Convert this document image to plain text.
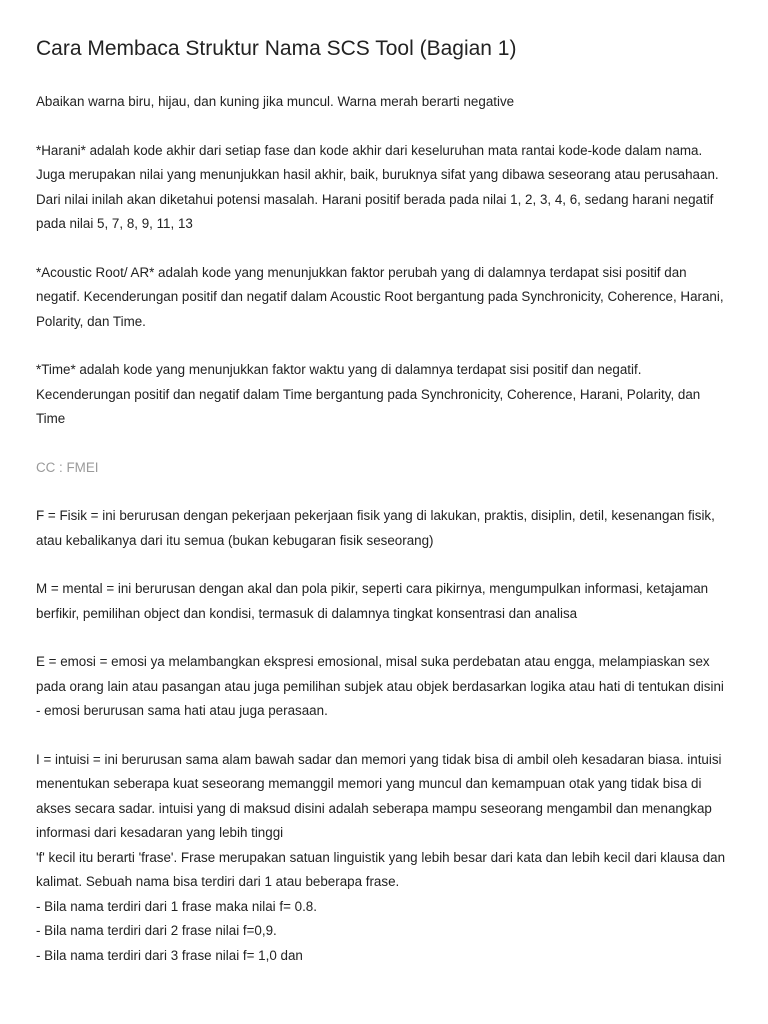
Cara Membaca Struktur Nama SCS Tool (Bagian 1)

Abaikan warna biru, hijau, dan kuning jika muncul. Warna merah berarti negative

*Harani* adalah kode akhir dari setiap fase dan kode akhir dari keseluruhan mata rantai kode-kode dalam nama. Juga merupakan nilai yang menunjukkan hasil akhir, baik, buruknya sifat yang dibawa seseorang atau perusahaan. Dari nilai inilah akan diketahui potensi masalah. Harani positif berada pada nilai 1, 2, 3, 4, 6, sedang harani negatif pada nilai 5, 7, 8, 9, 11, 13

*Acoustic Root/ AR* adalah kode yang menunjukkan faktor perubah yang di dalamnya terdapat sisi positif dan negatif. Kecenderungan positif dan negatif dalam Acoustic Root bergantung pada Synchronicity, Coherence, Harani, Polarity, dan Time.

*Time* adalah kode yang menunjukkan faktor waktu yang di dalamnya terdapat sisi positif dan negatif. Kecenderungan positif dan negatif dalam Time bergantung pada Synchronicity, Coherence, Harani, Polarity, dan Time

CC : FMEI

F = Fisik = ini berurusan dengan pekerjaan pekerjaan fisik yang di lakukan, praktis, disiplin, detil, kesenangan fisik, atau kebalikanya dari itu semua (bukan kebugaran fisik seseorang)

M = mental = ini berurusan dengan akal dan pola pikir, seperti cara pikirnya, mengumpulkan informasi, ketajaman berfikir, pemilihan object dan kondisi, termasuk di dalamnya tingkat konsentrasi dan analisa

E = emosi = emosi ya melambangkan ekspresi emosional, misal suka perdebatan atau engga, melampiaskan sex pada orang lain atau pasangan atau juga pemilihan subjek atau objek berdasarkan logika atau hati di tentukan disini - emosi berurusan sama hati atau juga perasaan.

I = intuisi = ini berurusan sama alam bawah sadar dan memori yang tidak bisa di ambil oleh kesadaran biasa. intuisi menentukan seberapa kuat seseorang memanggil memori yang muncul dan kemampuan otak yang tidak bisa di akses secara sadar. intuisi yang di maksud disini adalah seberapa mampu seseorang mengambil dan menangkap informasi dari kesadaran yang lebih tinggi
'f' kecil itu berarti 'frase'. Frase merupakan satuan linguistik yang lebih besar dari kata dan lebih kecil dari klausa dan kalimat. Sebuah nama bisa terdiri dari 1 atau beberapa frase.
- Bila nama terdiri dari 1 frase maka nilai f= 0.8.
- Bila nama terdiri dari 2 frase nilai f=0,9.
- Bila nama terdiri dari 3 frase nilai f= 1,0 dan
